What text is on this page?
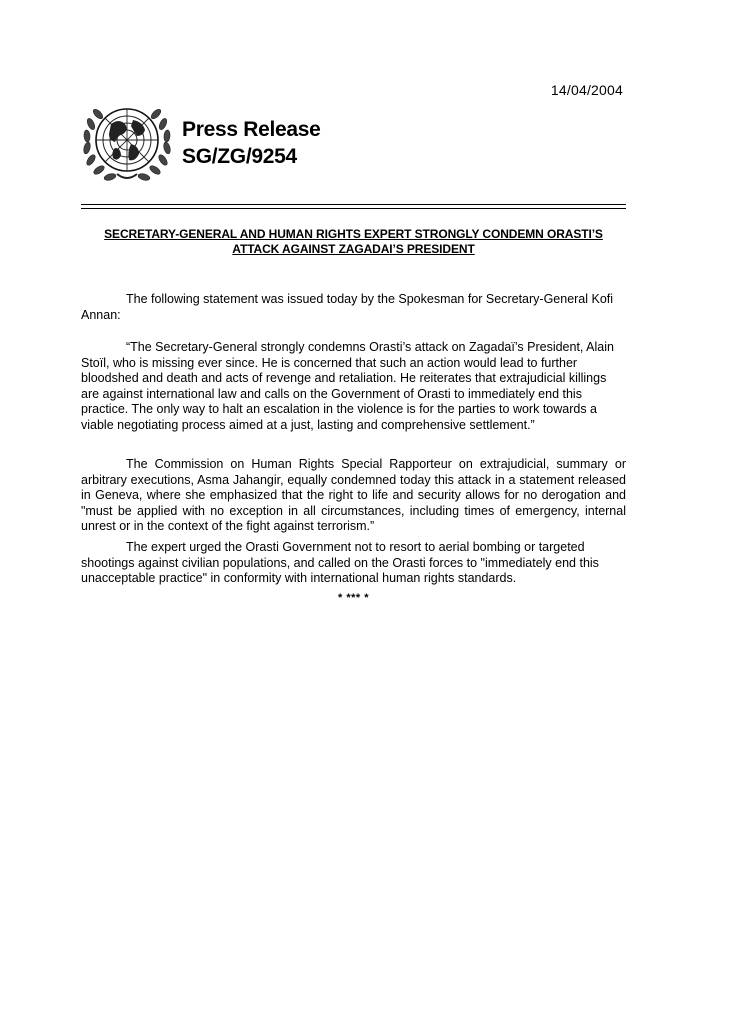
14/04/2004
Press Release
SG/ZG/9254
SECRETARY-GENERAL AND HUMAN RIGHTS EXPERT STRONGLY CONDEMN ORASTI’S
ATTACK AGAINST ZAGADAI’S PRESIDENT

The following statement was issued today by the Spokesman for Secretary-General Kofi Annan:

“The Secretary-General strongly condemns Orasti’s attack on Zagadaï’s President, Alain Stoïl, who is missing ever since. He is concerned that such an action would lead to further bloodshed and death and acts of revenge and retaliation. He reiterates that extrajudicial killings are against international law and calls on the Government of Orasti to immediately end this practice. The only way to halt an escalation in the violence is for the parties to work towards a viable negotiating process aimed at a just, lasting and comprehensive settlement.”

The Commission on Human Rights Special Rapporteur on extrajudicial, summary or arbitrary executions, Asma Jahangir, equally condemned today this attack in a statement released in Geneva, where she emphasized that the right to life and security allows for no derogation and "must be applied with no exception in all circumstances, including times of emergency, internal unrest or in the context of the fight against terrorism.”

The expert urged the Orasti Government not to resort to aerial bombing or targeted shootings against civilian populations, and called on the Orasti forces to "immediately end this unacceptable practice" in conformity with international human rights standards.

* *** *
